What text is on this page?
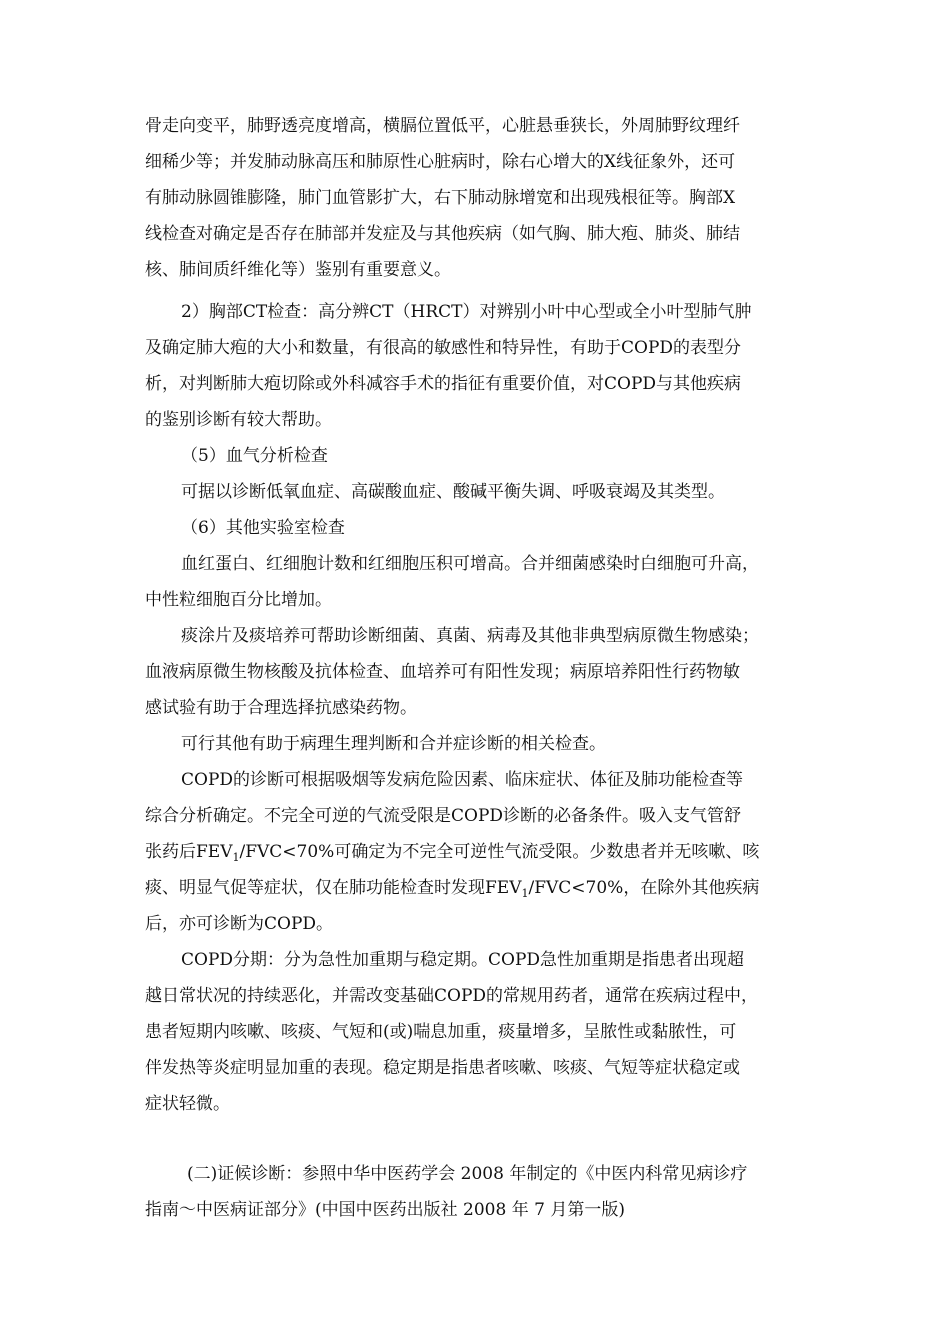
骨走向变平，肺野透亮度增高，横膈位置低平，心脏悬垂狭长，外周肺野纹理纤
细稀少等；并发肺动脉高压和肺原性心脏病时，除右心增大的X线征象外，还可
有肺动脉圆锥膨隆，肺门血管影扩大，右下肺动脉增宽和出现残根征等。胸部X
线检查对确定是否存在肺部并发症及与其他疾病（如气胸、肺大疱、肺炎、肺结
核、肺间质纤维化等）鉴别有重要意义。
2）胸部CT检查：高分辨CT（HRCT）对辨别小叶中心型或全小叶型肺气肿
及确定肺大疱的大小和数量，有很高的敏感性和特异性，有助于COPD的表型分
析，对判断肺大疱切除或外科减容手术的指征有重要价值，对COPD与其他疾病
的鉴别诊断有较大帮助。
（5）血气分析检查
可据以诊断低氧血症、高碳酸血症、酸碱平衡失调、呼吸衰竭及其类型。
（6）其他实验室检查
血红蛋白、红细胞计数和红细胞压积可增高。合并细菌感染时白细胞可升高，
中性粒细胞百分比增加。
痰涂片及痰培养可帮助诊断细菌、真菌、病毒及其他非典型病原微生物感染；
血液病原微生物核酸及抗体检查、血培养可有阳性发现；病原培养阳性行药物敏
感试验有助于合理选择抗感染药物。
可行其他有助于病理生理判断和合并症诊断的相关检查。
COPD的诊断可根据吸烟等发病危险因素、临床症状、体征及肺功能检查等
综合分析确定。不完全可逆的气流受限是COPD诊断的必备条件。吸入支气管舒
张药后$FEV_1/FVC<70\%$可确定为不完全可逆性气流受限。少数患者并无咳嗽、咳
痰、明显气促等症状，仅在肺功能检查时发现$FEV_1/FVC<70\%$，在除外其他疾病
后，亦可诊断为COPD。
COPD分期：分为急性加重期与稳定期。COPD急性加重期是指患者出现超
越日常状况的持续恶化，并需改变基础COPD的常规用药者，通常在疾病过程中，
患者短期内咳嗽、咳痰、气短和(或)喘息加重，痰量增多，呈脓性或黏脓性，可
伴发热等炎症明显加重的表现。稳定期是指患者咳嗽、咳痰、气短等症状稳定或
症状轻微。
(二)证候诊断：参照中华中医药学会 2008 年制定的《中医内科常见病诊疗
指南～中医病证部分》(中国中医药出版社 2008 年 7 月第一版)
